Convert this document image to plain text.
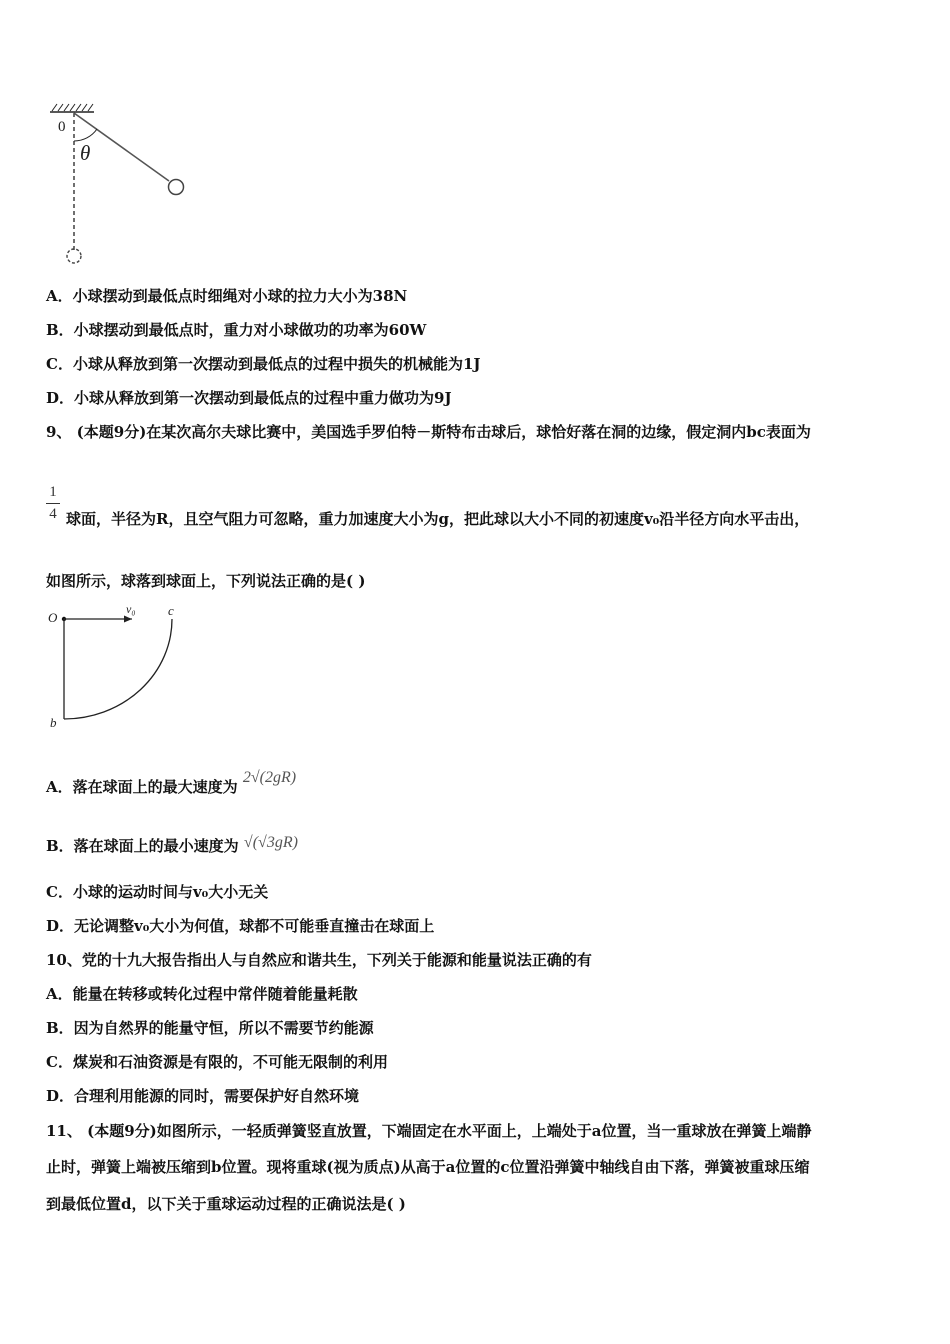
0
θ
A．小球摆动到最低点时细绳对小球的拉力大小为38N
B．小球摆动到最低点时，重力对小球做功的功率为60W
C．小球从释放到第一次摆动到最低点的过程中损失的机械能为1J
D．小球从释放到第一次摆动到最低点的过程中重力做功为9J
9、 (本题9分)在某次高尔夫球比赛中，美国选手罗伯特－斯特布击球后，球恰好落在洞的边缘，假定洞内bc表面为
1
4 球面，半径为R，且空气阻力可忽略，重力加速度大小为g，把此球以大小不同的初速度v₀沿半径方向水平击出，
如图所示，球落到球面上，下列说法正确的是( )
O
v₀	c
b
A．落在球面上的最大速度为 2√(2gR)
B．落在球面上的最小速度为 √(√3gR)
C．小球的运动时间与v₀大小无关
D．无论调整v₀大小为何值，球都不可能垂直撞击在球面上
10、党的十九大报告指出人与自然应和谐共生，下列关于能源和能量说法正确的有
A．能量在转移或转化过程中常伴随着能量耗散
B．因为自然界的能量守恒，所以不需要节约能源
C．煤炭和石油资源是有限的，不可能无限制的利用
D．合理利用能源的同时，需要保护好自然环境
11、 (本题9分)如图所示，一轻质弹簧竖直放置，下端固定在水平面上，上端处于a位置，当一重球放在弹簧上端静
止时，弹簧上端被压缩到b位置。现将重球(视为质点)从高于a位置的c位置沿弹簧中轴线自由下落，弹簧被重球压缩
到最低位置d，以下关于重球运动过程的正确说法是( )
